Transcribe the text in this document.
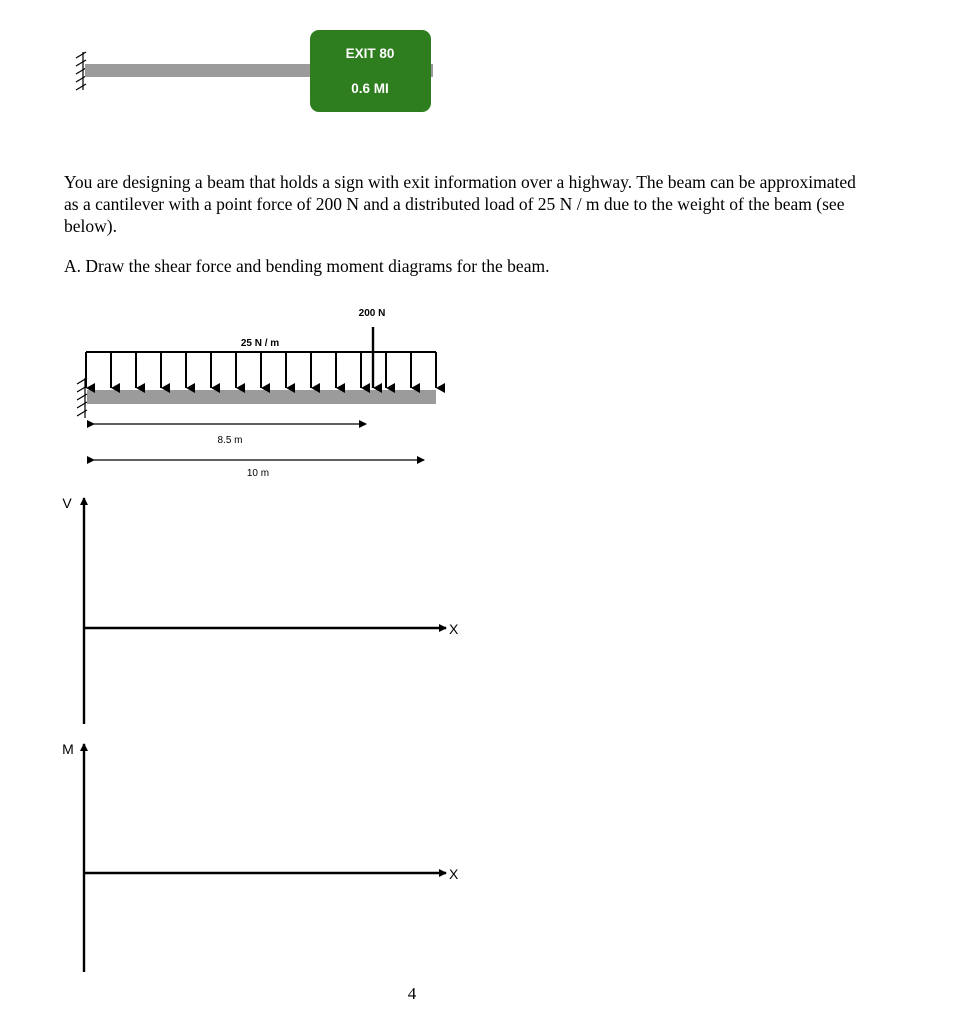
EXIT 80
0.6 MI
200 N
25 N / m
8.5 m
10 m
V
X
M
X
You are designing a beam that holds a sign with exit information over a highway. The beam can be approximated as a cantilever with a point force of 200 N and a distributed load of 25 N / m due to the weight of the beam (see below).
A. Draw the shear force and bending moment diagrams for the beam.
4
